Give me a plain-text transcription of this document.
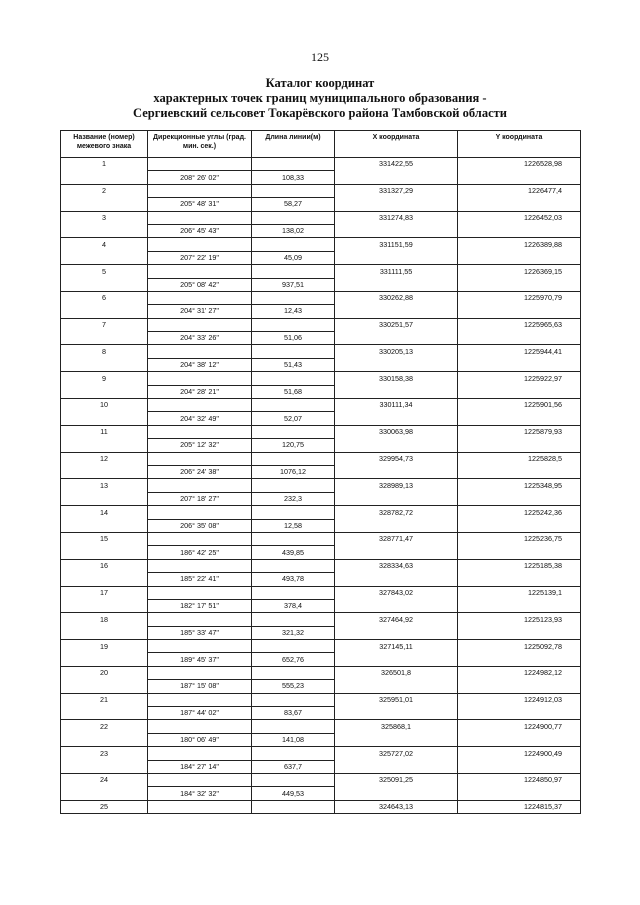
125
Каталог координат
характерных точек границ муниципального образования -
Сергиевский сельсовет Токарёвского района Тамбовской области
Название (номер) межевого знака	Дирекционные углы (град. мин. сек.)	Длина линии(м)	X координата	Y координата
1			331422,55	1226528,98
	208° 26' 02"	108,33		
2			331327,29	1226477,4
	205° 48' 31"	58,27		
3			331274,83	1226452,03
	206° 45' 43"	138,02		
4			331151,59	1226389,88
	207° 22' 19"	45,09		
5			331111,55	1226369,15
	205° 08' 42"	937,51		
6			330262,88	1225970,79
	204° 31' 27"	12,43		
7			330251,57	1225965,63
	204° 33' 26"	51,06		
8			330205,13	1225944,41
	204° 38' 12"	51,43		
9			330158,38	1225922,97
	204° 28' 21"	51,68		
10			330111,34	1225901,56
	204° 32' 49"	52,07		
11			330063,98	1225879,93
	205° 12' 32"	120,75		
12			329954,73	1225828,5
	206° 24' 38"	1076,12		
13			328989,13	1225348,95
	207° 18' 27"	232,3		
14			328782,72	1225242,36
	206° 35' 08"	12,58		
15			328771,47	1225236,75
	186° 42' 25"	439,85		
16			328334,63	1225185,38
	185° 22' 41"	493,78		
17			327843,02	1225139,1
	182° 17' 51"	378,4		
18			327464,92	1225123,93
	185° 33' 47"	321,32		
19			327145,11	1225092,78
	189° 45' 37"	652,76		
20			326501,8	1224982,12
	187° 15' 08"	555,23		
21			325951,01	1224912,03
	187° 44' 02"	83,67		
22			325868,1	1224900,77
	180° 06' 49"	141,08		
23			325727,02	1224900,49
	184° 27' 14"	637,7		
24			325091,25	1224850,97
	184° 32' 32"	449,53		
25			324643,13	1224815,37
